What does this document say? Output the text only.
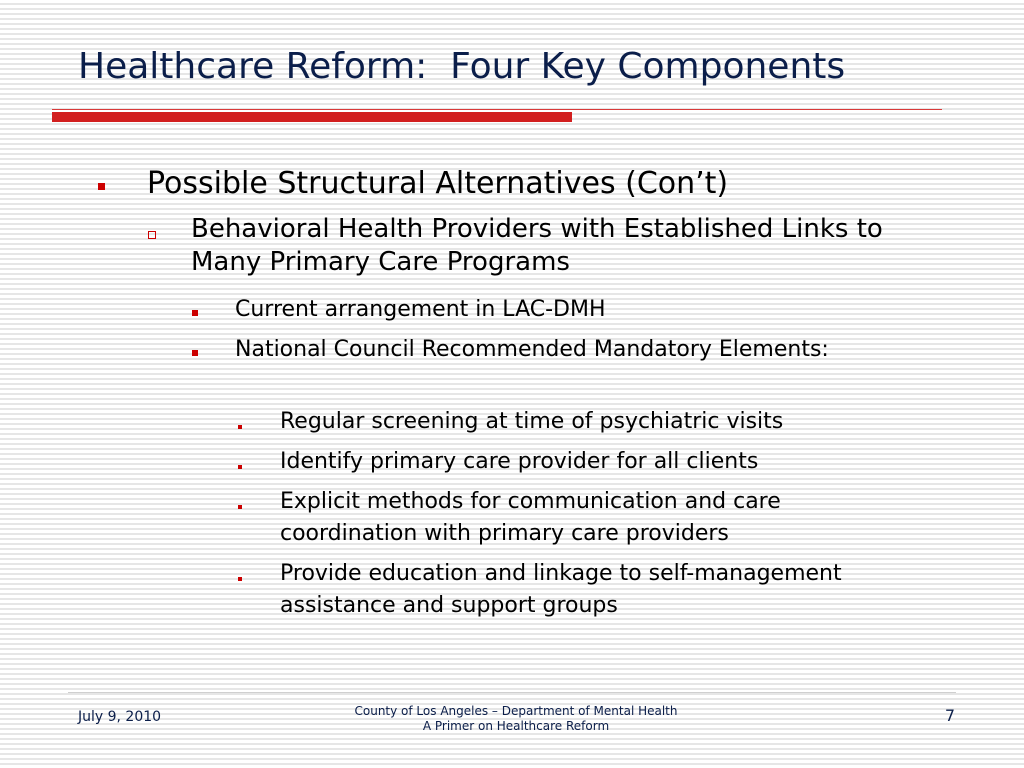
Healthcare Reform:  Four Key Components
Possible Structural Alternatives (Con’t)
Behavioral Health Providers with Established Links to Many Primary Care Programs
Current arrangement in LAC-DMH
National Council Recommended Mandatory Elements:
Regular screening at time of psychiatric visits
Identify primary care provider for all clients
Explicit methods for communication and care coordination with primary care providers
Provide education and linkage to self-management assistance and support groups
July 9, 2010	County of Los Angeles – Department of Mental Health
A Primer on Healthcare Reform
7
